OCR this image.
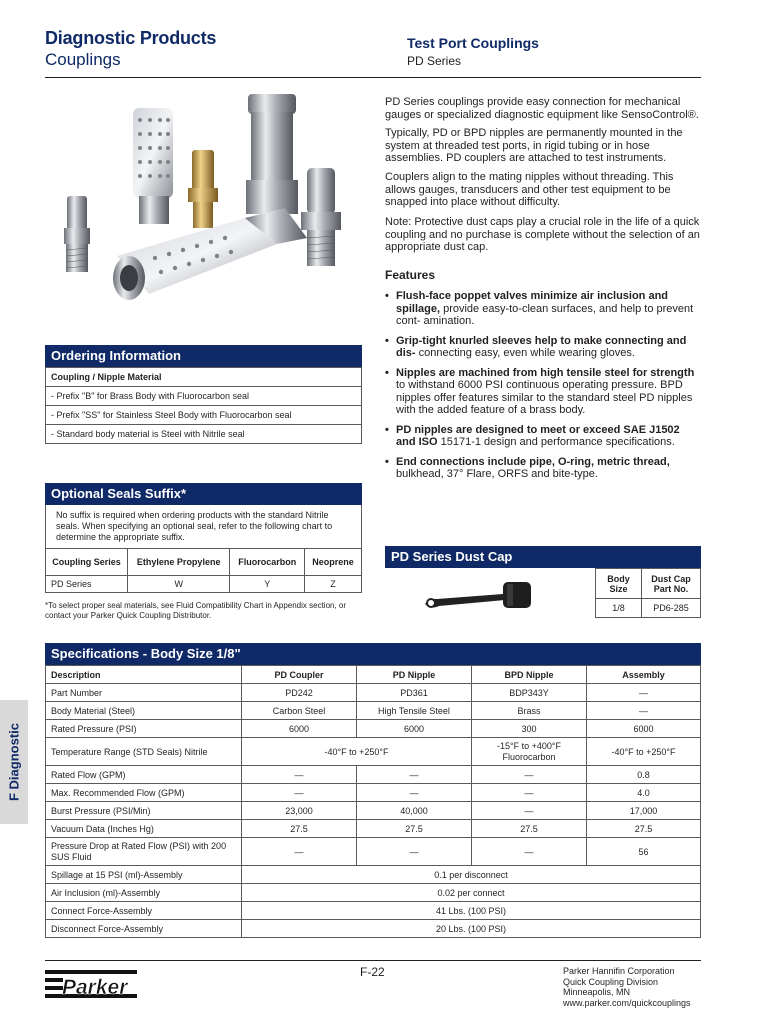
Diagnostic Products
Couplings
Test Port Couplings
PD Series
PD Series couplings provide easy connection for mechanical gauges or specialized diagnostic equipment like SensoControl®.
Typically, PD or BPD nipples are permanently mounted in the system at threaded test ports, in rigid tubing or in hose assemblies. PD couplers are attached to test instruments.
Couplers align to the mating nipples without threading. This allows gauges, transducers and other test equipment to be snapped into place without difficulty.
Note: Protective dust caps play a crucial role in the life of a quick coupling and no purchase is complete without the selection of an appropriate dust cap.
Features
• Flush-face poppet valves minimize air inclusion and spillage, provide easy-to-clean surfaces, and help to prevent cont- amination.
• Grip-tight knurled sleeves help to make connecting and dis- connecting easy, even while wearing gloves.
• Nipples are machined from high tensile steel for strength to withstand 6000 PSI continuous operating pressure. BPD nipples offer features similar to the standard steel PD nipples with the added feature of a brass body.
• PD nipples are designed to meet or exceed SAE J1502 and ISO 15171-1 design and performance specifications.
• End connections include pipe, O-ring, metric thread, bulkhead, 37° Flare, ORFS and bite-type.
Ordering Information
Coupling / Nipple Material
- Prefix "B" for Brass Body with Fluorocarbon seal
- Prefix "SS" for Stainless Steel Body with Fluorocarbon seal
- Standard body material is Steel with Nitrile seal
Optional Seals Suffix*
No suffix is required when ordering products with the standard Nitrile seals. When specifying an optional seal, refer to the following chart to determine the appropriate suffix.
Coupling Series	Ethylene Propylene	Fluorocarbon	Neoprene
PD Series	W	Y	Z
*To select proper seal materials, see Fluid Compatibility Chart in Appendix section, or contact your Parker Quick Coupling Distributor.
PD Series Dust Cap
Body Size	Dust Cap Part No.
1/8	PD6-285
Specifications - Body Size 1/8"
Description	PD Coupler	PD Nipple	BPD Nipple	Assembly
Part Number	PD242	PD361	BDP343Y	—
Body Material (Steel)	Carbon Steel	High Tensile Steel	Brass	—
Rated Pressure (PSI)	6000	6000	300	6000
Temperature Range (STD Seals) Nitrile	-40°F to +250°F		-15°F to +400°F Fluorocarbon	-40°F to +250°F
Rated Flow (GPM)	—	—	—	0.8
Max. Recommended Flow (GPM)	—	—	—	4.0
Burst Pressure (PSI/Min)	23,000	40,000	—	17,000
Vacuum Data (Inches Hg)	27.5	27.5	27.5	27.5
Pressure Drop at Rated Flow (PSI) with 200 SUS Fluid	—	—	—	56
Spillage at 15 PSI (ml)-Assembly	0.1 per disconnect			
Air Inclusion (ml)-Assembly	0.02 per connect			
Connect Force-Assembly	41 Lbs. (100 PSI)			
Disconnect Force-Assembly	20 Lbs. (100 PSI)			
F Diagnostic
Parker
F-22	Parker Hannifin Corporation
Quick Coupling Division
Minneapolis, MN
www.parker.com/quickcouplings
